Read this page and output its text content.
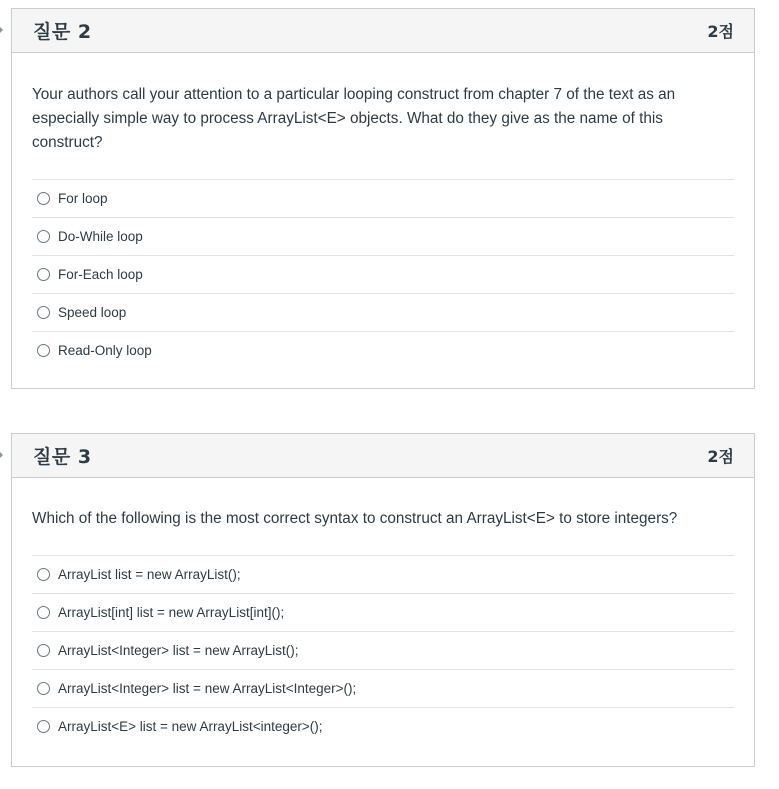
질문 2	2점
Your authors call your attention to a particular looping construct from chapter 7 of the text as an especially simple way to process ArrayList<E> objects. What do they give as the name of this construct?
For loop
Do-While loop
For-Each loop
Speed loop
Read-Only loop
질문 3	2점
Which of the following is the most correct syntax to construct an ArrayList<E> to store integers?
ArrayList list = new ArrayList();
ArrayList[int] list = new ArrayList[int]();
ArrayList<Integer> list = new ArrayList();
ArrayList<Integer> list = new ArrayList<Integer>();
ArrayList<E> list = new ArrayList<integer>();
